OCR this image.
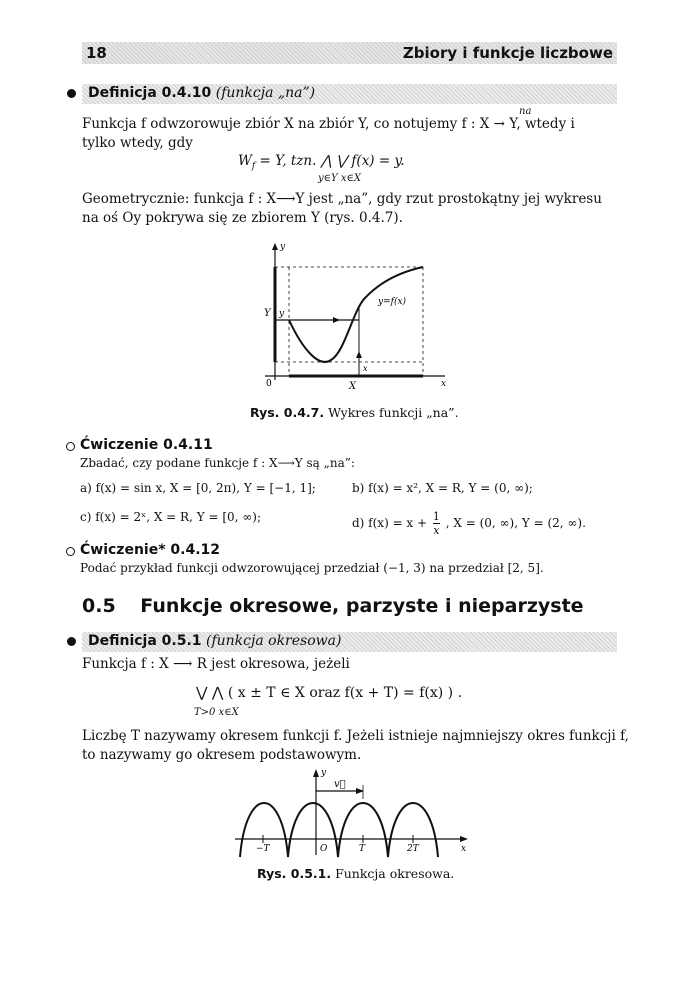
18	Zbiory i funkcje liczbowe
Definicja 0.4.10 (funkcja „na”)
Funkcja f odwzorowuje zbiór X na zbiór Y, co notujemy f : X → Y, wtedy i
na
tylko wtedy, gdy
$W_f = Y$, tzn. ⋀ ⋁ f(x) = y.
y∈Y x∈X
Geometrycznie: funkcja f : X⟶Y jest „na”, gdy rzut prostokątny jej wykresu
na oś Oy pokrywa się ze zbiorem Y (rys. 0.4.7).
y
Y y
y=f(x)
x
0	X	x
Rys. 0.4.7. Wykres funkcji „na”.
Ćwiczenie 0.4.11
Zbadać, czy podane funkcje f : X⟶Y są „na”:
a) f(x) = sin x, X = [0, 2π), Y = [−1, 1];	b) f(x) = x², X = R, Y = (0, ∞);
c) f(x) = 2ˣ, X = R, Y = [0, ∞);	d) $f(x) = x + \frac{1}{x}$ , X = (0, ∞), Y = (2, ∞).
Ćwiczenie* 0.4.12
Podać przykład funkcji odwzorowującej przedział (−1, 3) na przedział [2, 5].
0.5 Funkcje okresowe, parzyste i nieparzyste
Definicja 0.5.1 (funkcja okresowa)
Funkcja f : X ⟶ R jest okresowa, jeżeli
⋁ ⋀ ( x ± T ∈ X oraz f(x + T) = f(x) ) .
T>0 x∈X
Liczbę T nazywamy okresem funkcji f. Jeżeli istnieje najmniejszy okres funkcji f,
to nazywamy go okresem podstawowym.
y
v⃗
−T	O	T	2T	x
Rys. 0.5.1. Funkcja okresowa.
